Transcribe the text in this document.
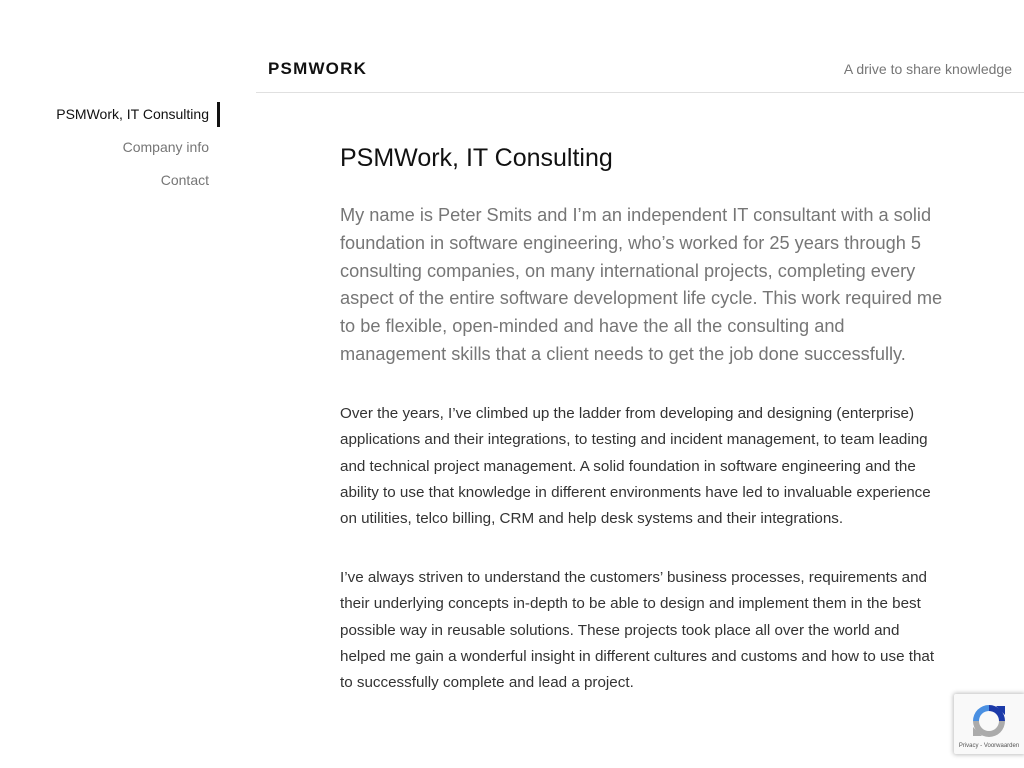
PSMWORK	A drive to share knowledge
PSMWork, IT Consulting
Company info
Contact
PSMWork, IT Consulting

My name is Peter Smits and I’m an independent IT consultant with a solid foundation in software engineering, who’s worked for 25 years through 5 consulting companies, on many international projects, completing every aspect of the entire software development life cycle. This work required me to be flexible, open-minded and have the all the consulting and management skills that a client needs to get the job done successfully.

Over the years, I’ve climbed up the ladder from developing and designing (enterprise) applications and their integrations, to testing and incident management, to team leading and technical project management. A solid foundation in software engineering and the ability to use that knowledge in different environments have led to invaluable experience on utilities, telco billing, CRM and help desk systems and their integrations.

I’ve always striven to understand the customers’ business processes, requirements and their underlying concepts in-depth to be able to design and implement them in the best possible way in reusable solutions. These projects took place all over the world and helped me gain a wonderful insight in different cultures and customs and how to use that to successfully complete and lead a project.

Privacy - Voorwaarden
